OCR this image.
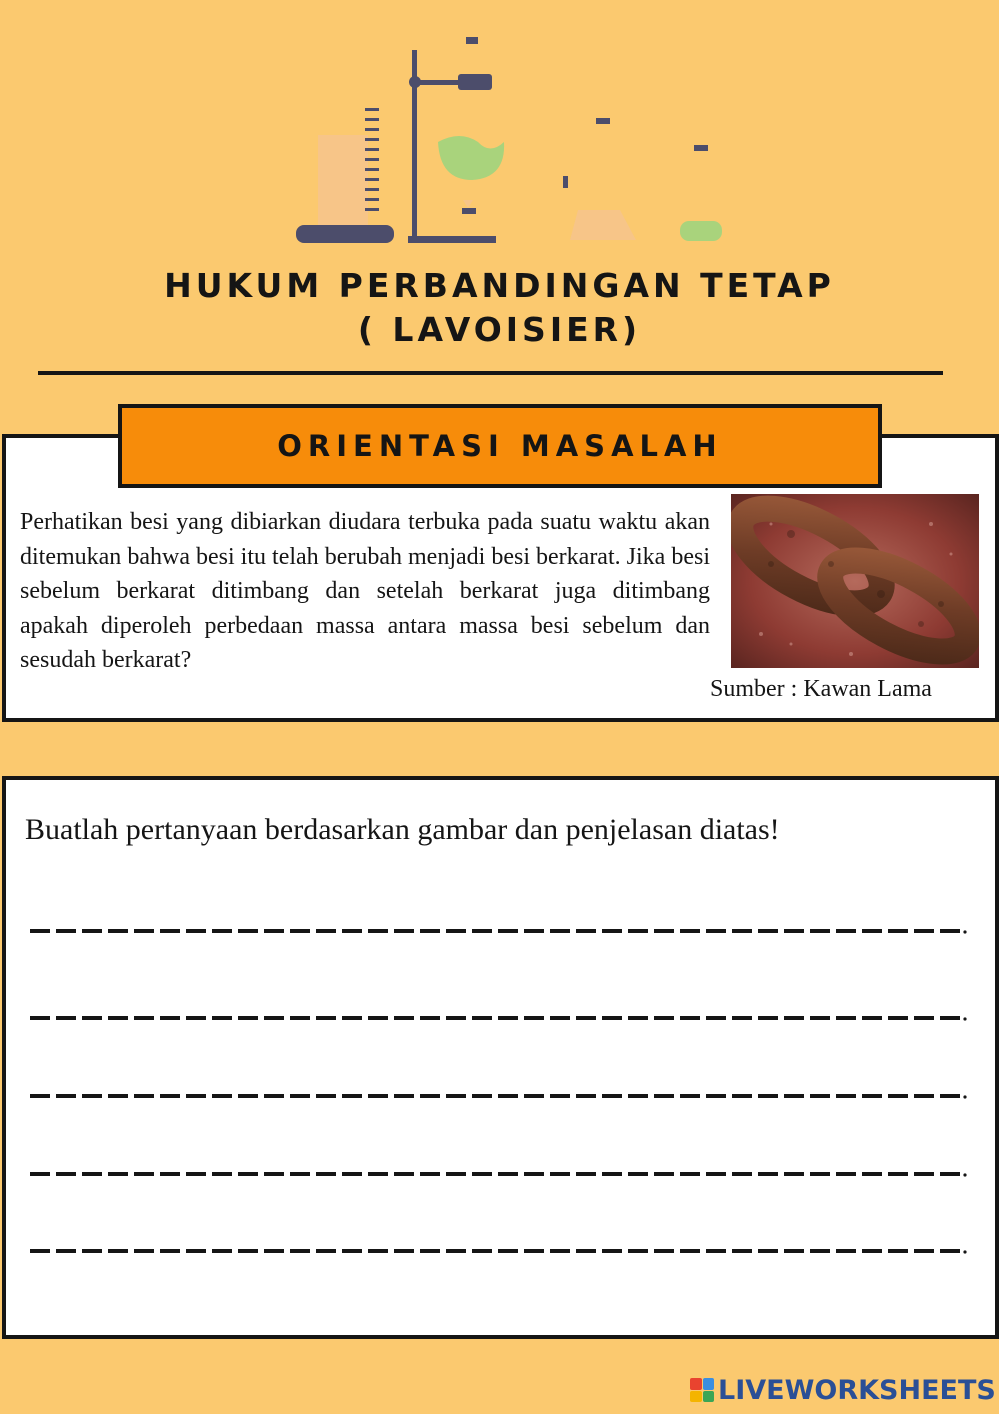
HUKUM PERBANDINGAN TETAP
( LAVOISIER)
ORIENTASI MASALAH

Perhatikan besi yang dibiarkan diudara terbuka pada suatu waktu akan ditemukan bahwa besi itu telah berubah menjadi besi berkarat. Jika besi sebelum berkarat ditimbang dan setelah berkarat juga ditimbang apakah diperoleh perbedaan massa antara massa besi sebelum dan sesudah berkarat?

Sumber : Kawan Lama

Buatlah pertanyaan berdasarkan gambar dan penjelasan diatas!

LIVEWORKSHEETS
